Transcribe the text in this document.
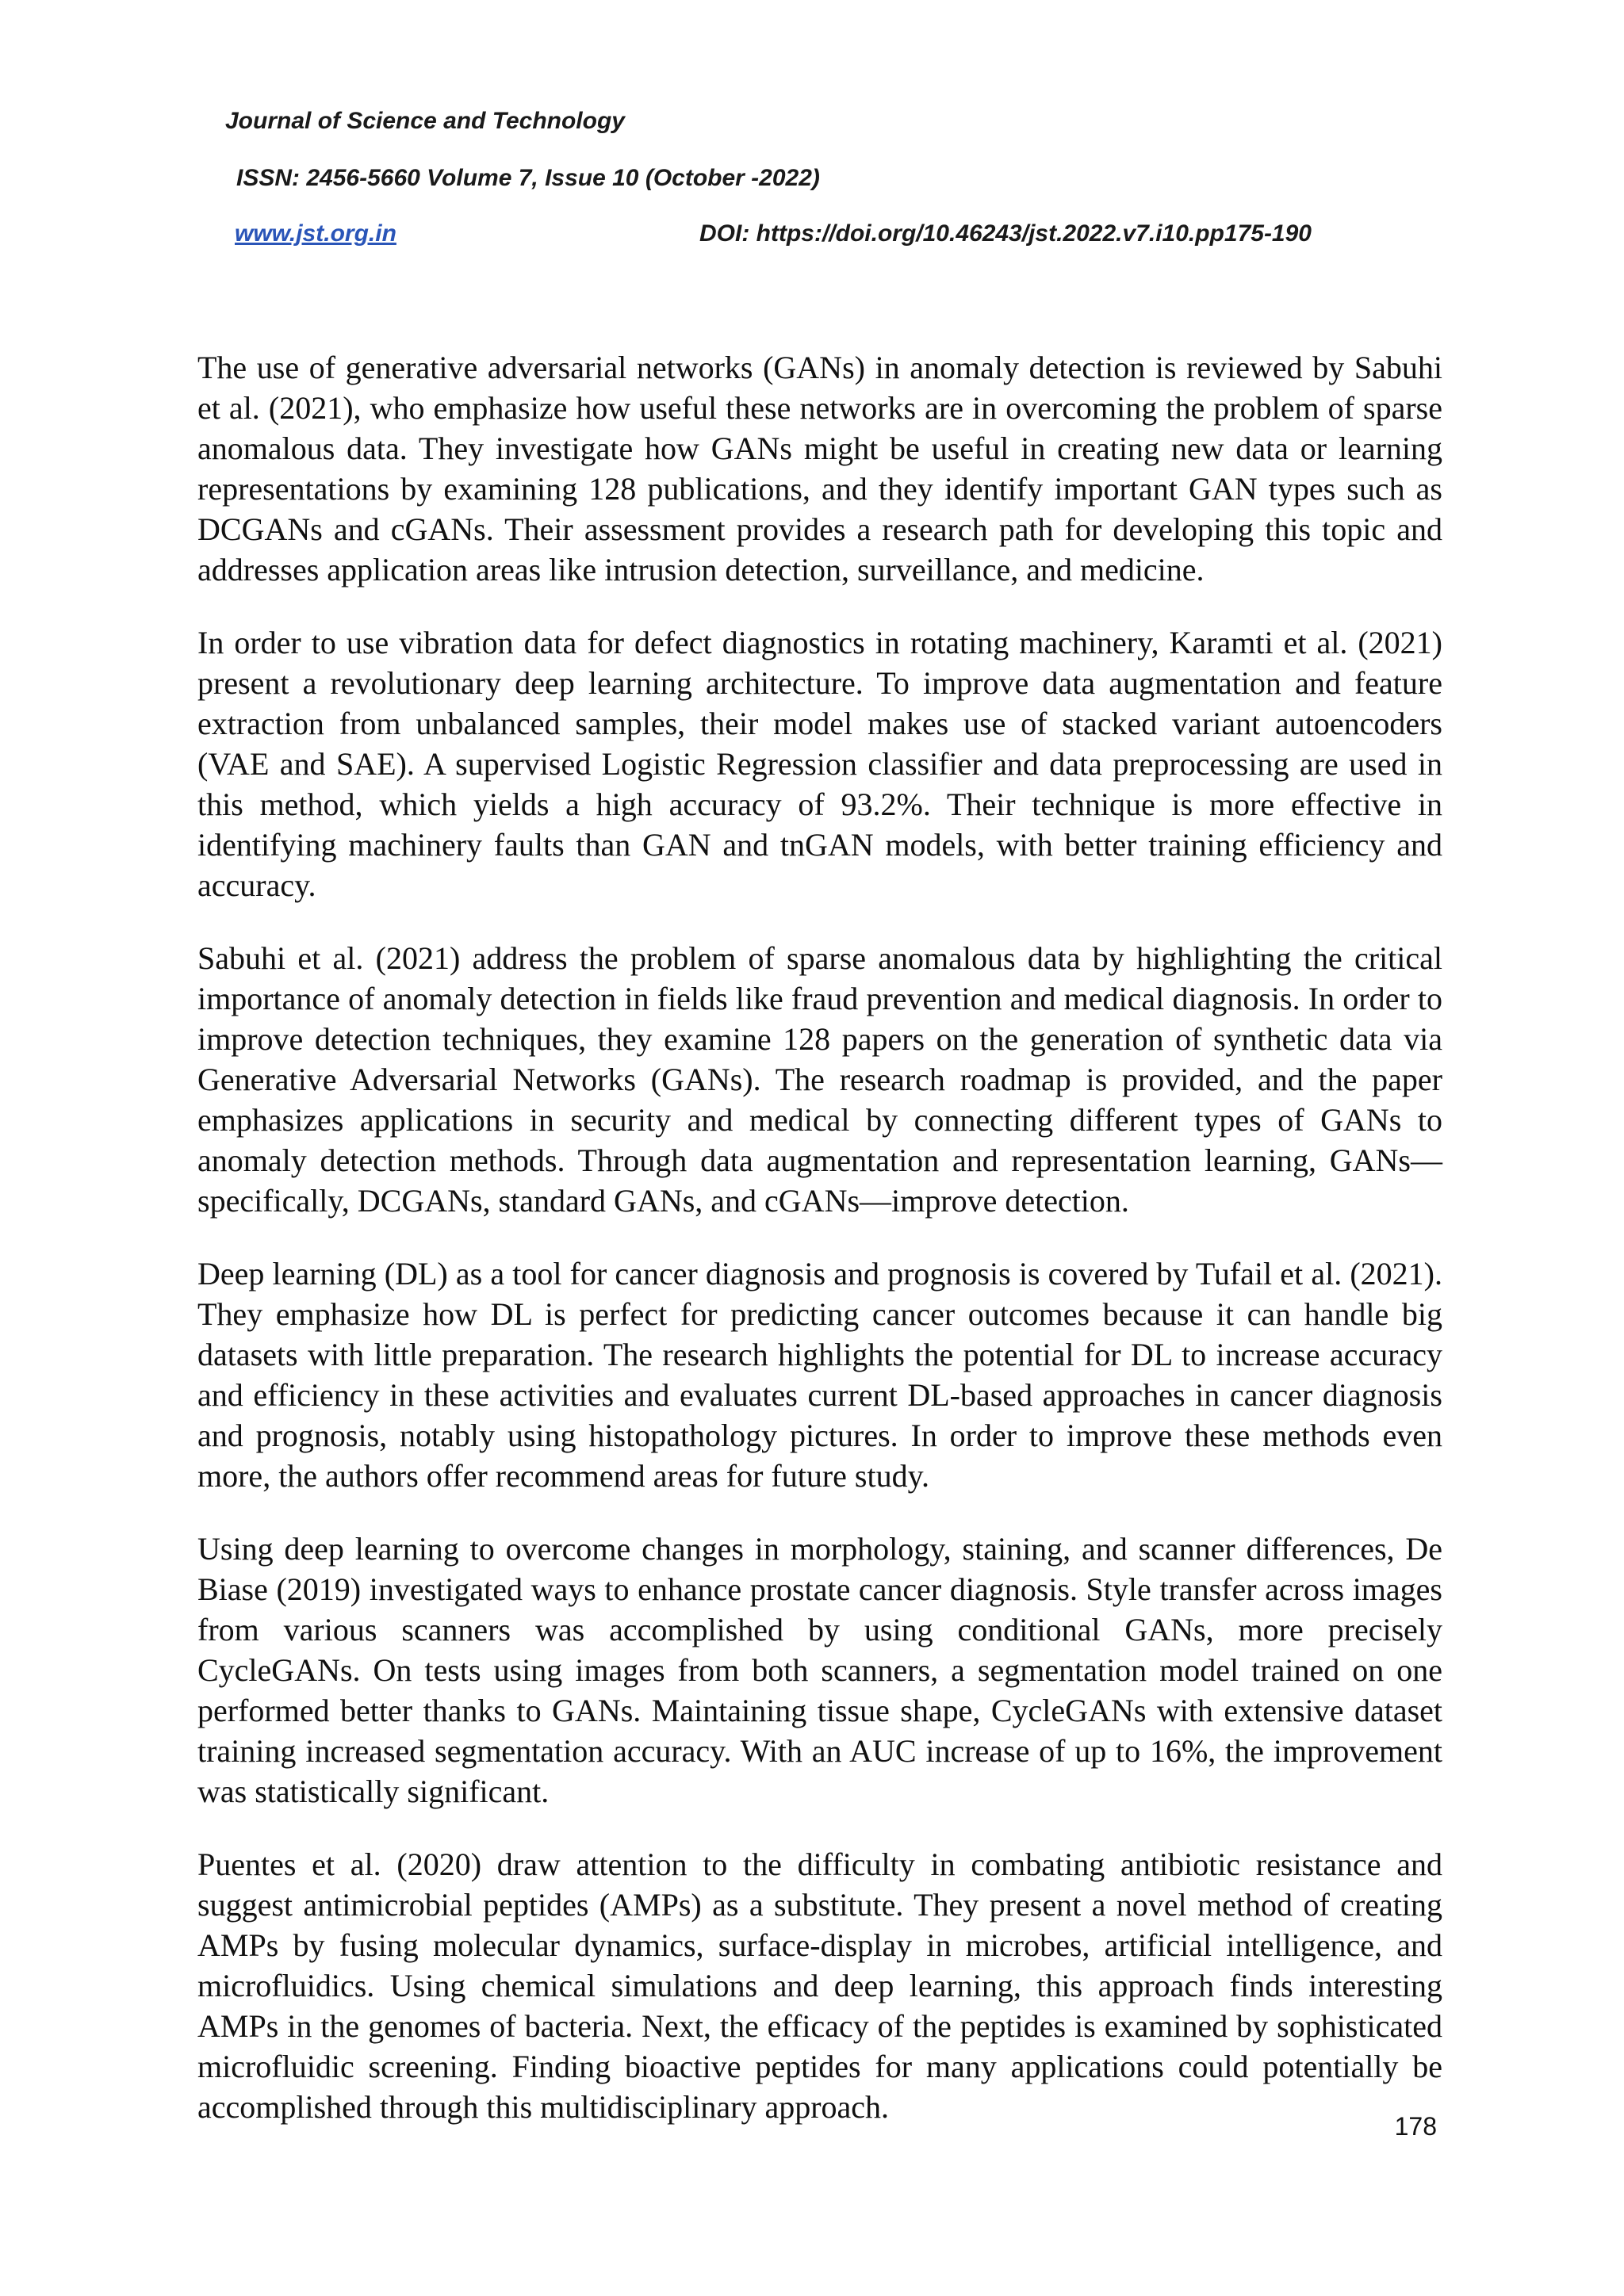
Journal of Science and Technology
ISSN: 2456-5660 Volume 7, Issue 10 (October -2022)
www.jst.org.in	DOI: https://doi.org/10.46243/jst.2022.v7.i10.pp175-190

The use of generative adversarial networks (GANs) in anomaly detection is reviewed by Sabuhi et al. (2021), who emphasize how useful these networks are in overcoming the problem of sparse anomalous data. They investigate how GANs might be useful in creating new data or learning representations by examining 128 publications, and they identify important GAN types such as DCGANs and cGANs. Their assessment provides a research path for developing this topic and addresses application areas like intrusion detection, surveillance, and medicine.

In order to use vibration data for defect diagnostics in rotating machinery, Karamti et al. (2021) present a revolutionary deep learning architecture. To improve data augmentation and feature extraction from unbalanced samples, their model makes use of stacked variant autoencoders (VAE and SAE). A supervised Logistic Regression classifier and data preprocessing are used in this method, which yields a high accuracy of 93.2%. Their technique is more effective in identifying machinery faults than GAN and tnGAN models, with better training efficiency and accuracy.

Sabuhi et al. (2021) address the problem of sparse anomalous data by highlighting the critical importance of anomaly detection in fields like fraud prevention and medical diagnosis. In order to improve detection techniques, they examine 128 papers on the generation of synthetic data via Generative Adversarial Networks (GANs). The research roadmap is provided, and the paper emphasizes applications in security and medical by connecting different types of GANs to anomaly detection methods. Through data augmentation and representation learning, GANs—specifically, DCGANs, standard GANs, and cGANs—improve detection.

Deep learning (DL) as a tool for cancer diagnosis and prognosis is covered by Tufail et al. (2021). They emphasize how DL is perfect for predicting cancer outcomes because it can handle big datasets with little preparation. The research highlights the potential for DL to increase accuracy and efficiency in these activities and evaluates current DL-based approaches in cancer diagnosis and prognosis, notably using histopathology pictures. In order to improve these methods even more, the authors offer recommend areas for future study.

Using deep learning to overcome changes in morphology, staining, and scanner differences, De Biase (2019) investigated ways to enhance prostate cancer diagnosis. Style transfer across images from various scanners was accomplished by using conditional GANs, more precisely CycleGANs. On tests using images from both scanners, a segmentation model trained on one performed better thanks to GANs. Maintaining tissue shape, CycleGANs with extensive dataset training increased segmentation accuracy. With an AUC increase of up to 16%, the improvement was statistically significant.

Puentes et al. (2020) draw attention to the difficulty in combating antibiotic resistance and suggest antimicrobial peptides (AMPs) as a substitute. They present a novel method of creating AMPs by fusing molecular dynamics, surface-display in microbes, artificial intelligence, and microfluidics. Using chemical simulations and deep learning, this approach finds interesting AMPs in the genomes of bacteria. Next, the efficacy of the peptides is examined by sophisticated microfluidic screening. Finding bioactive peptides for many applications could potentially be accomplished through this multidisciplinary approach.

178
